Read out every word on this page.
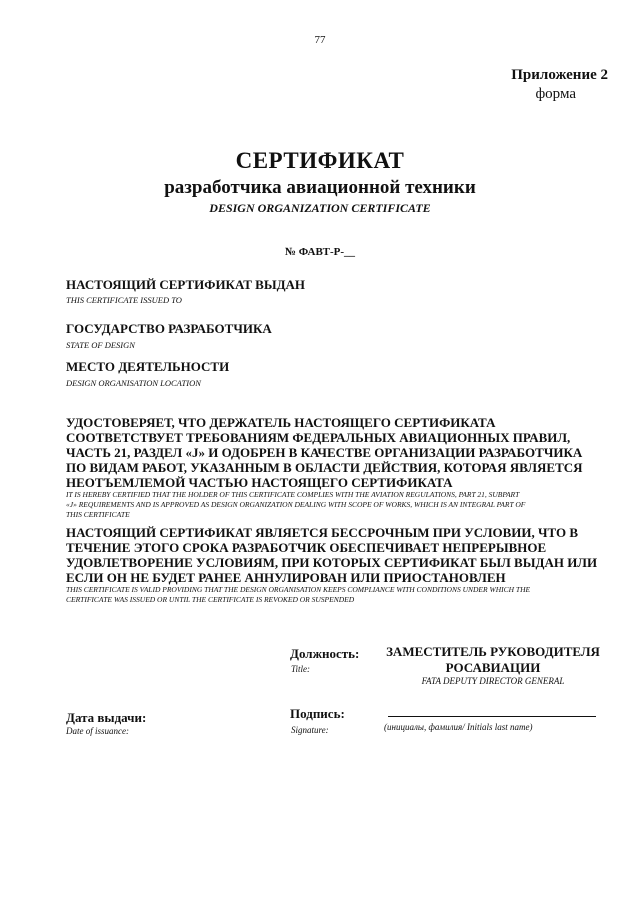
77
Приложение 2
форма
СЕРТИФИКАТ
разработчика авиационной техники
DESIGN ORGANIZATION CERTIFICATE
№ ФАВТ-Р-__
НАСТОЯЩИЙ СЕРТИФИКАТ ВЫДАН
THIS CERTIFICATE ISSUED TO
ГОСУДАРСТВО РАЗРАБОТЧИКА
STATE OF DESIGN
МЕСТО ДЕЯТЕЛЬНОСТИ
DESIGN ORGANISATION LOCATION
УДОСТОВЕРЯЕТ, ЧТО ДЕРЖАТЕЛЬ НАСТОЯЩЕГО СЕРТИФИКАТА
СООТВЕТСТВУЕТ ТРЕБОВАНИЯМ ФЕДЕРАЛЬНЫХ АВИАЦИОННЫХ ПРАВИЛ,
ЧАСТЬ 21, РАЗДЕЛ «J» И ОДОБРЕН В КАЧЕСТВЕ ОРГАНИЗАЦИИ РАЗРАБОТЧИКА
ПО ВИДАМ РАБОТ, УКАЗАННЫМ В ОБЛАСТИ ДЕЙСТВИЯ, КОТОРАЯ ЯВЛЯЕТСЯ
НЕОТЪЕМЛЕМОЙ ЧАСТЬЮ НАСТОЯЩЕГО СЕРТИФИКАТА
IT IS HEREBY CERTIFIED THAT THE HOLDER OF THIS CERTIFICATE COMPLIES WITH THE AVIATION REGULATIONS, PART 21, SUBPART
«J» REQUIREMENTS AND IS APPROVED AS DESIGN ORGANIZATION DEALING WITH SCOPE OF WORKS, WHICH IS AN INTEGRAL PART OF
THIS CERTIFICATE
НАСТОЯЩИЙ СЕРТИФИКАТ ЯВЛЯЕТСЯ БЕССРОЧНЫМ ПРИ УСЛОВИИ, ЧТО В
ТЕЧЕНИЕ ЭТОГО СРОКА РАЗРАБОТЧИК ОБЕСПЕЧИВАЕТ НЕПРЕРЫВНОЕ
УДОВЛЕТВОРЕНИЕ УСЛОВИЯМ, ПРИ КОТОРЫХ СЕРТИФИКАТ БЫЛ ВЫДАН ИЛИ
ЕСЛИ ОН НЕ БУДЕТ РАНЕЕ АННУЛИРОВАН ИЛИ ПРИОСТАНОВЛЕН
THIS CERTIFICATE IS VALID PROVIDING THAT THE DESIGN ORGANISATION KEEPS COMPLIANCE WITH CONDITIONS UNDER WHICH THE
CERTIFICATE WAS ISSUED OR UNTIL THE CERTIFICATE IS REVOKED OR SUSPENDED
Должность:
Title:
ЗАМЕСТИТЕЛЬ РУКОВОДИТЕЛЯ
РОСАВИАЦИИ
FATA DEPUTY DIRECTOR GENERAL
Дата выдачи:
Date of issuance:
Подпись:
Signature:	(инициалы, фамилия/ Initials last name)
